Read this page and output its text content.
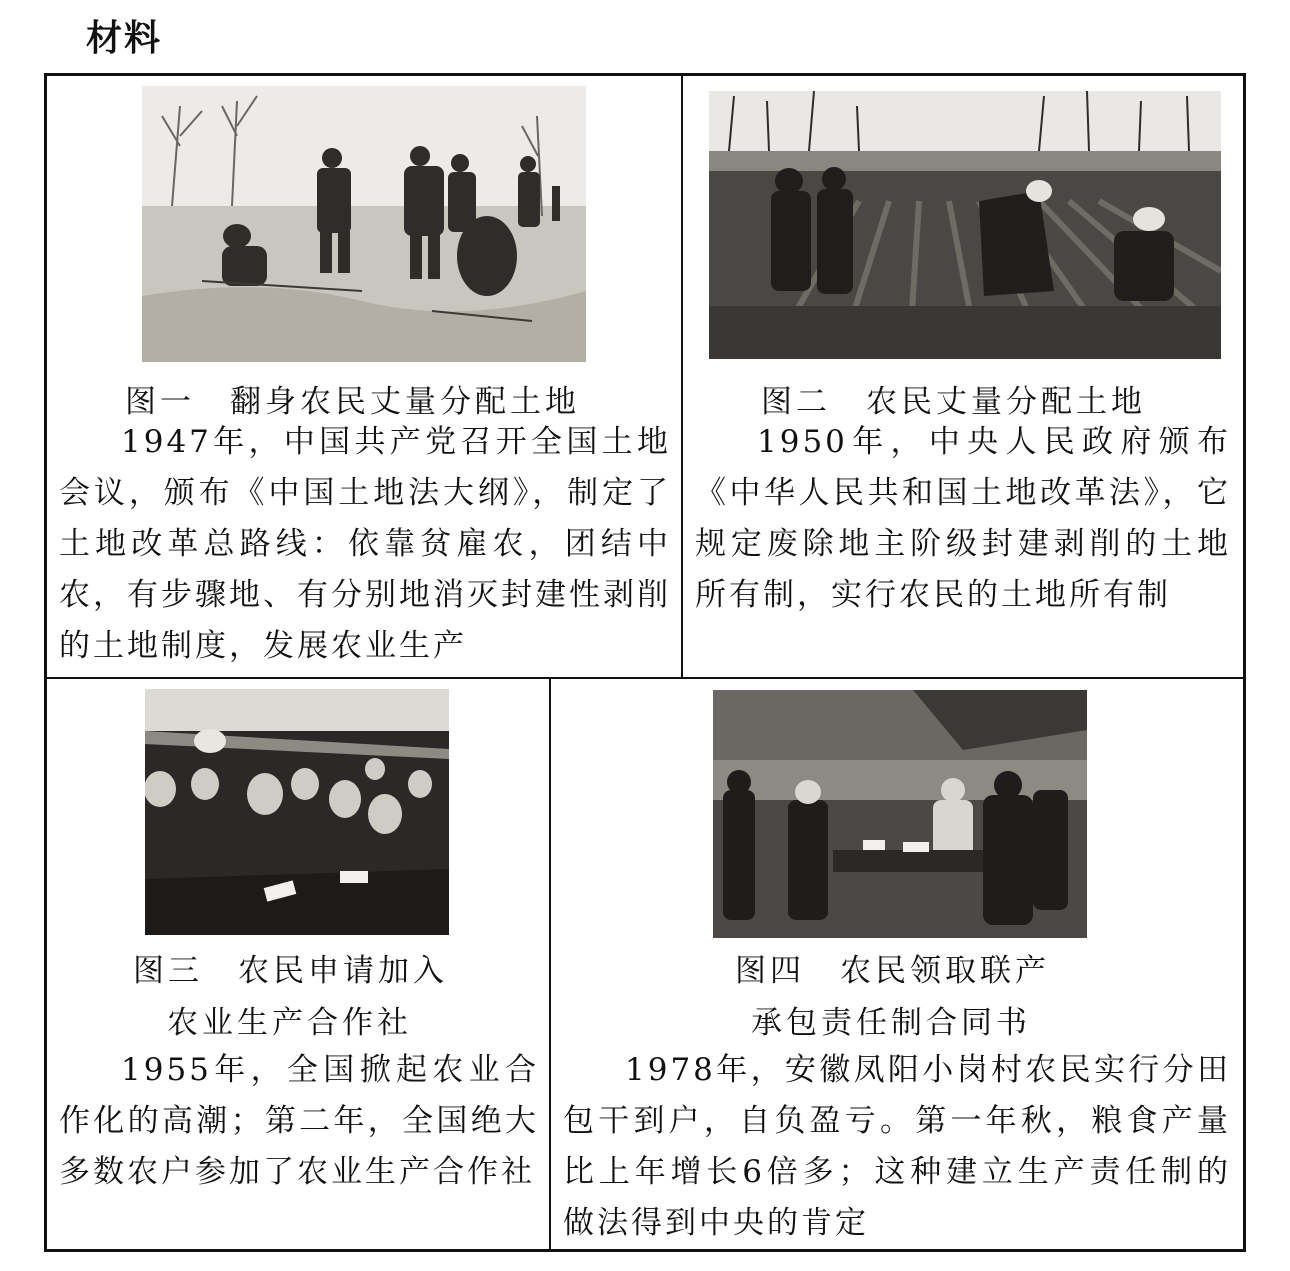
材料
图一　翻身农民丈量分配土地
1947年，中国共产党召开全国土地会议，颁布《中国土地法大纲》，制定了土地改革总路线：依靠贫雇农，团结中农，有步骤地、有分别地消灭封建性剥削的土地制度，发展农业生产
图二　农民丈量分配土地
1950年，中央人民政府颁布《中华人民共和国土地改革法》，它规定废除地主阶级封建剥削的土地所有制，实行农民的土地所有制
图三　农民申请加入
农业生产合作社
1955年，全国掀起农业合作化的高潮；第二年，全国绝大多数农户参加了农业生产合作社
图四　农民领取联产
承包责任制合同书
1978年，安徽凤阳小岗村农民实行分田包干到户，自负盈亏。第一年秋，粮食产量比上年增长6倍多；这种建立生产责任制的做法得到中央的肯定
